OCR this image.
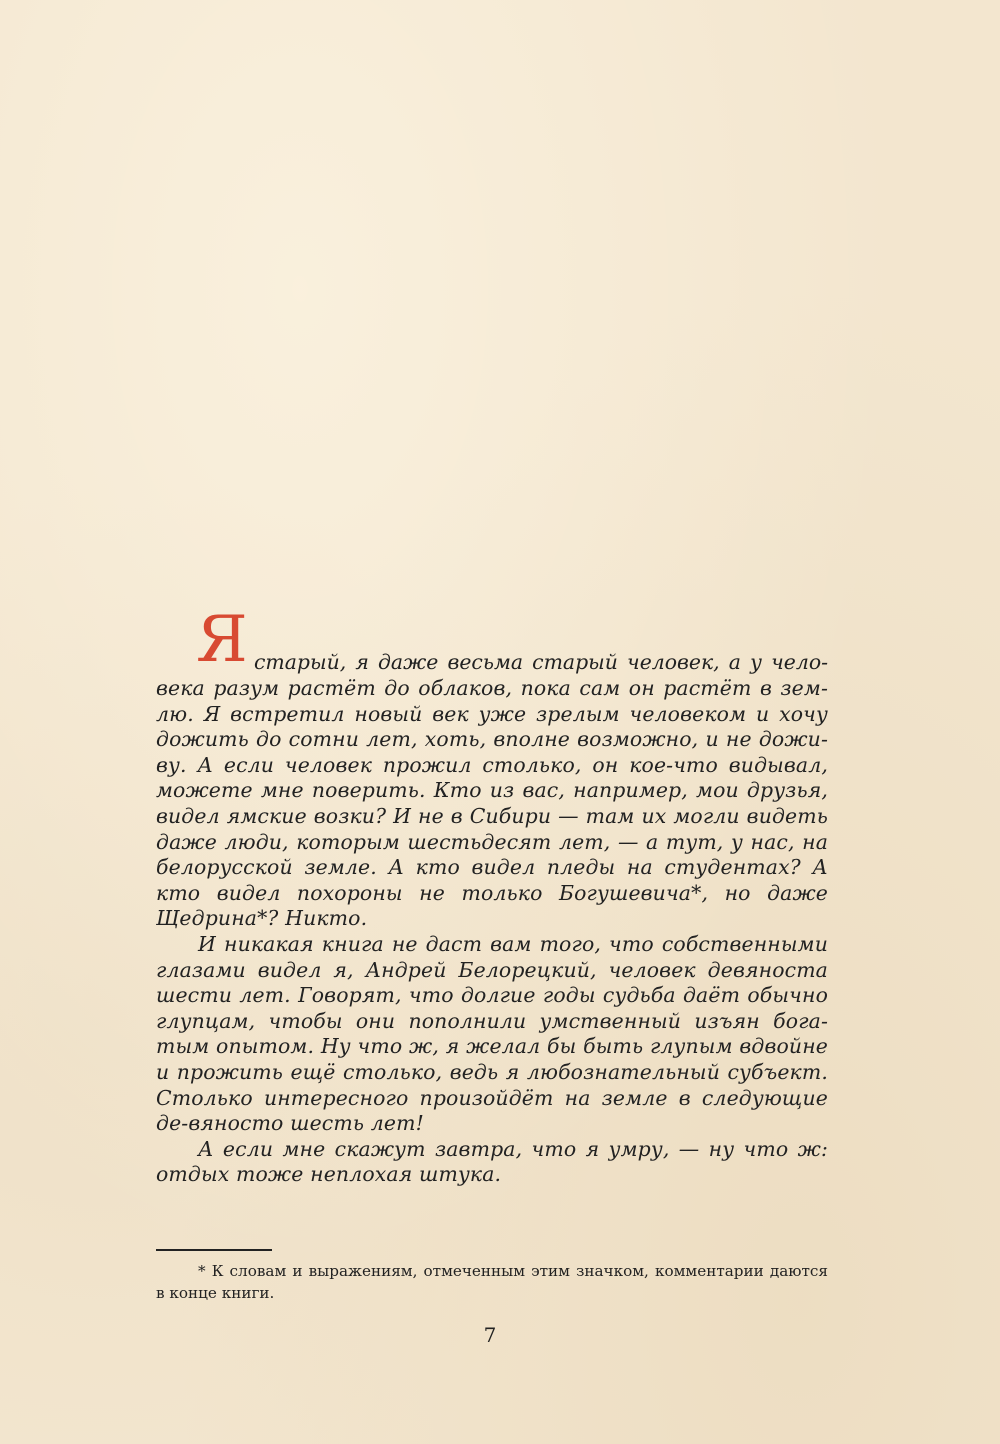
Я старый, я даже весьма старый человек, а у чело-

века разум растёт до облаков, пока сам он растёт в зем-лю. Я встретил новый век уже зрелым человеком и хочу дожить до сотни лет, хоть, вполне возможно, и не дожи-ву. А если человек прожил столько, он кое-что видывал, можете мне поверить. Кто из вас, например, мои друзья, видел ямские возки? И не в Сибири — там их могли видеть даже люди, которым шестьдесят лет, — а тут, у нас, на белорусской земле. А кто видел пледы на студентах? А кто видел похороны не только Богушевича*, но даже Щедрина*? Никто.

И никакая книга не даст вам того, что собственными глазами видел я, Андрей Белорецкий, человек девяноста шести лет. Говорят, что долгие годы судьба даёт обычно глупцам, чтобы они пополнили умственный изъян бога-тым опытом. Ну что ж, я желал бы быть глупым вдвойне и прожить ещё столько, ведь я любознательный субъект. Столько интересного произойдёт на земле в следующие де-вяносто шесть лет!

А если мне скажут завтра, что я умру, — ну что ж: отдых тоже неплохая штука.

* К словам и выражениям, отмеченным этим значком, комментарии даются в конце книги.

7
